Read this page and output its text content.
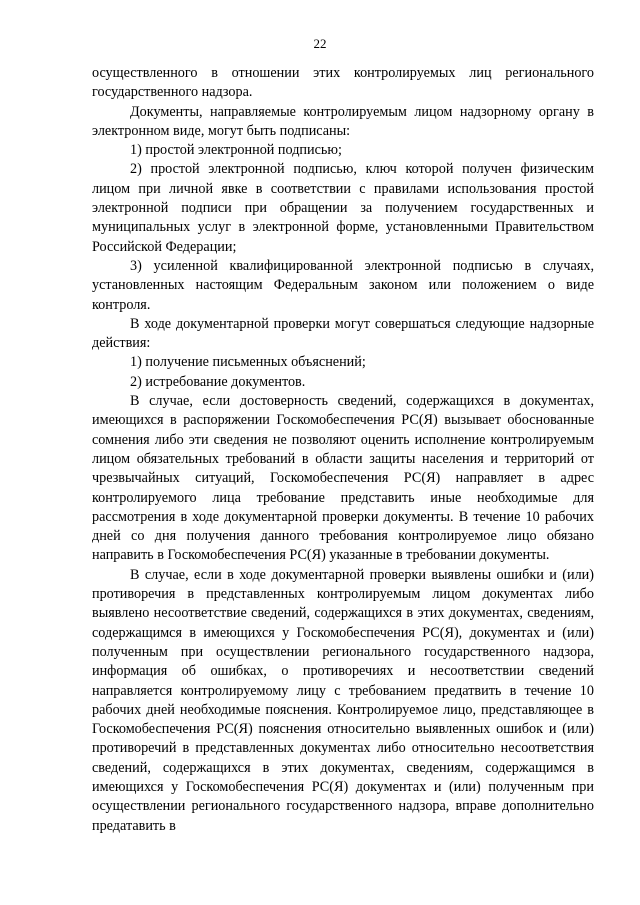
22

осуществленного в отношении этих контролируемых лиц регионального государственного надзора.

Документы, направляемые контролируемым лицом надзорному органу в электронном виде, могут быть подписаны:

1) простой электронной подписью;

2) простой электронной подписью, ключ которой получен физическим лицом при личной явке в соответствии с правилами использования простой электронной подписи при обращении за получением государственных и муниципальных услуг в электронной форме, установленными Правительством Российской Федерации;

3) усиленной квалифицированной электронной подписью в случаях, установленных настоящим Федеральным законом или положением о виде контроля.

В ходе документарной проверки могут совершаться следующие надзорные действия:

1) получение письменных объяснений;

2) истребование документов.

В случае, если достоверность сведений, содержащихся в документах, имеющихся в распоряжении Госкомобеспечения РС(Я) вызывает обоснованные сомнения либо эти сведения не позволяют оценить исполнение контролируемым лицом обязательных требований в области защиты населения и территорий от чрезвычайных ситуаций, Госкомобеспечения РС(Я) направляет в адрес контролируемого лица требование представить иные необходимые для рассмотрения в ходе документарной проверки документы. В течение 10 рабочих дней со дня получения данного требования контролируемое лицо обязано направить в Госкомобеспечения РС(Я) указанные в требовании документы.

В случае, если в ходе документарной проверки выявлены ошибки и (или) противоречия в представленных контролируемым лицом документах либо выявлено несоответствие сведений, содержащихся в этих документах, сведениям, содержащимся в имеющихся у Госкомобеспечения РС(Я), документах и (или) полученным при осуществлении регионального государственного надзора, информация об ошибках, о противоречиях и несоответствии сведений направляется контролируемому лицу с требованием предатвить в течение 10 рабочих дней необходимые пояснения. Контролируемое лицо, представляющее в Госкомобеспечения РС(Я) пояснения относительно выявленных ошибок и (или) противоречий в представленных документах либо относительно несоответствия сведений, содержащихся в этих документах, сведениям, содержащимся в имеющихся у Госкомобеспечения РС(Я) документах и (или) полученным при осуществлении регионального государственного надзора, вправе дополнительно предатавить в
